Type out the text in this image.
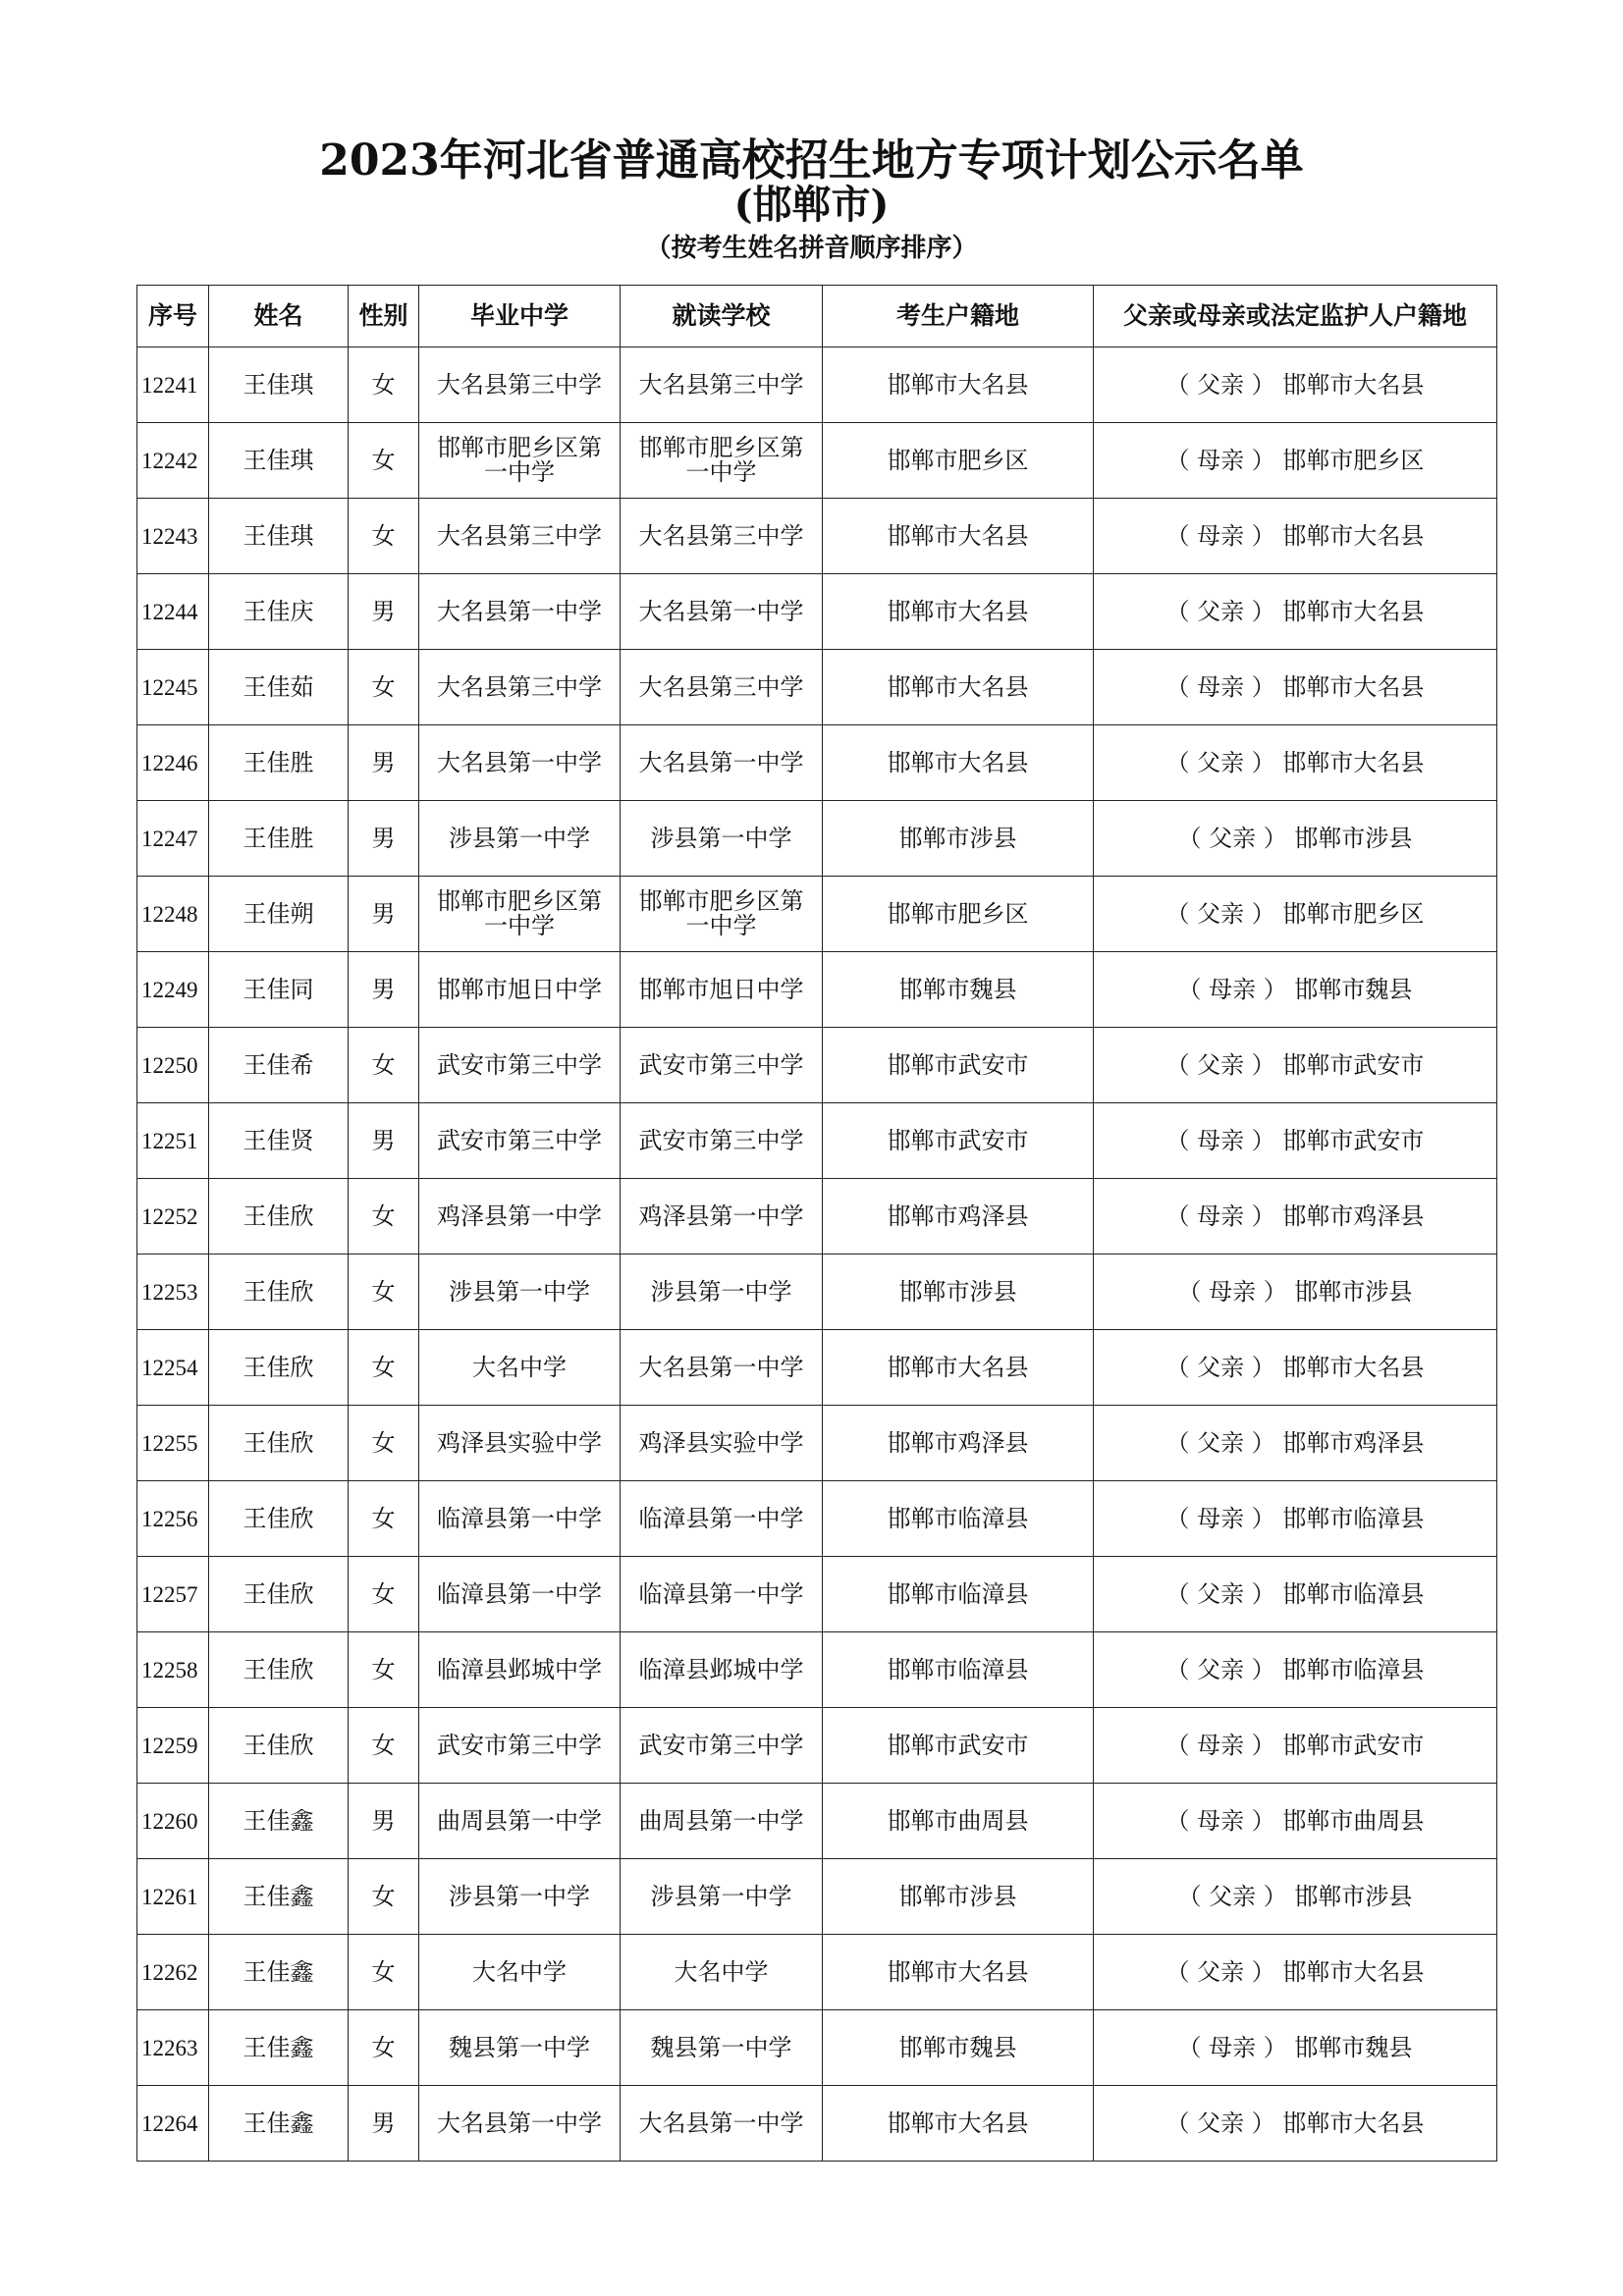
2023年河北省普通高校招生地方专项计划公示名单
(邯郸市)
（按考生姓名拼音顺序排序）
序号	姓名	性别	毕业中学	就读学校	考生户籍地	父亲或母亲或法定监护人户籍地
12241	王佳琪	女	大名县第三中学	大名县第三中学	邯郸市大名县	（ 父亲 ） 邯郸市大名县
12242	王佳琪	女	邯郸市肥乡区第一中学	邯郸市肥乡区第一中学	邯郸市肥乡区	（ 母亲 ） 邯郸市肥乡区
12243	王佳琪	女	大名县第三中学	大名县第三中学	邯郸市大名县	（ 母亲 ） 邯郸市大名县
12244	王佳庆	男	大名县第一中学	大名县第一中学	邯郸市大名县	（ 父亲 ） 邯郸市大名县
12245	王佳茹	女	大名县第三中学	大名县第三中学	邯郸市大名县	（ 母亲 ） 邯郸市大名县
12246	王佳胜	男	大名县第一中学	大名县第一中学	邯郸市大名县	（ 父亲 ） 邯郸市大名县
12247	王佳胜	男	涉县第一中学	涉县第一中学	邯郸市涉县	（ 父亲 ） 邯郸市涉县
12248	王佳朔	男	邯郸市肥乡区第一中学	邯郸市肥乡区第一中学	邯郸市肥乡区	（ 父亲 ） 邯郸市肥乡区
12249	王佳同	男	邯郸市旭日中学	邯郸市旭日中学	邯郸市魏县	（ 母亲 ） 邯郸市魏县
12250	王佳希	女	武安市第三中学	武安市第三中学	邯郸市武安市	（ 父亲 ） 邯郸市武安市
12251	王佳贤	男	武安市第三中学	武安市第三中学	邯郸市武安市	（ 母亲 ） 邯郸市武安市
12252	王佳欣	女	鸡泽县第一中学	鸡泽县第一中学	邯郸市鸡泽县	（ 母亲 ） 邯郸市鸡泽县
12253	王佳欣	女	涉县第一中学	涉县第一中学	邯郸市涉县	（ 母亲 ） 邯郸市涉县
12254	王佳欣	女	大名中学	大名县第一中学	邯郸市大名县	（ 父亲 ） 邯郸市大名县
12255	王佳欣	女	鸡泽县实验中学	鸡泽县实验中学	邯郸市鸡泽县	（ 父亲 ） 邯郸市鸡泽县
12256	王佳欣	女	临漳县第一中学	临漳县第一中学	邯郸市临漳县	（ 母亲 ） 邯郸市临漳县
12257	王佳欣	女	临漳县第一中学	临漳县第一中学	邯郸市临漳县	（ 父亲 ） 邯郸市临漳县
12258	王佳欣	女	临漳县邺城中学	临漳县邺城中学	邯郸市临漳县	（ 父亲 ） 邯郸市临漳县
12259	王佳欣	女	武安市第三中学	武安市第三中学	邯郸市武安市	（ 母亲 ） 邯郸市武安市
12260	王佳鑫	男	曲周县第一中学	曲周县第一中学	邯郸市曲周县	（ 母亲 ） 邯郸市曲周县
12261	王佳鑫	女	涉县第一中学	涉县第一中学	邯郸市涉县	（ 父亲 ） 邯郸市涉县
12262	王佳鑫	女	大名中学	大名中学	邯郸市大名县	（ 父亲 ） 邯郸市大名县
12263	王佳鑫	女	魏县第一中学	魏县第一中学	邯郸市魏县	（ 母亲 ） 邯郸市魏县
12264	王佳鑫	男	大名县第一中学	大名县第一中学	邯郸市大名县	（ 父亲 ） 邯郸市大名县
